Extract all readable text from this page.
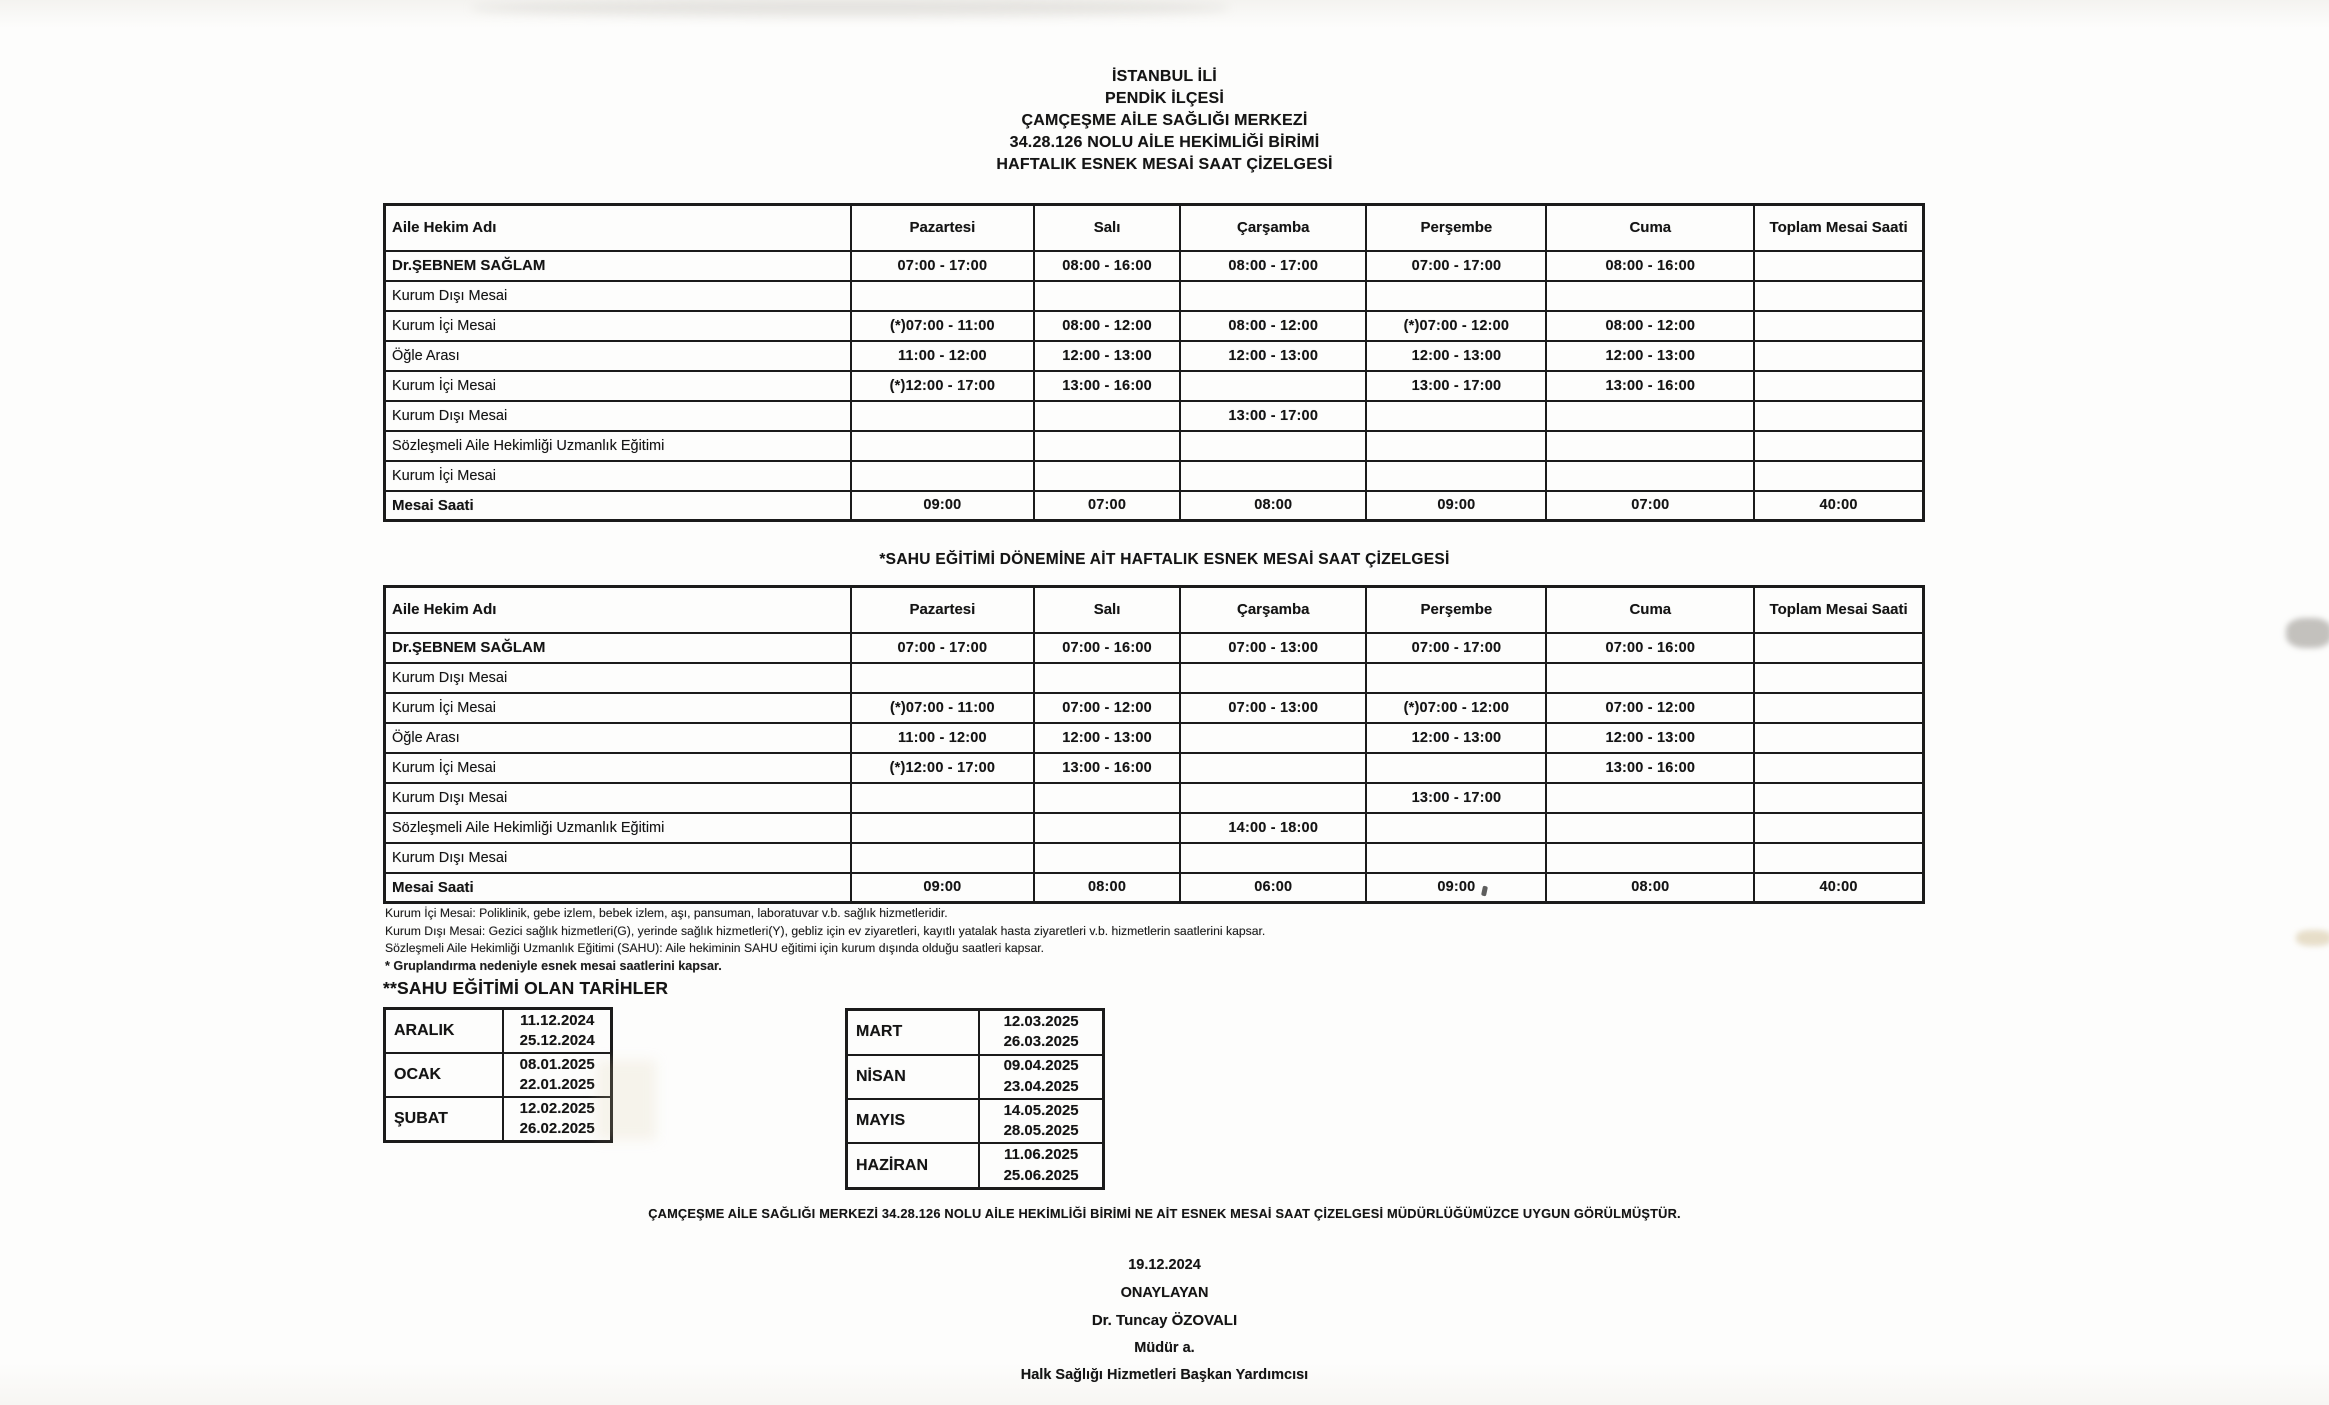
İSTANBUL İLİ
PENDİK İLÇESİ
ÇAMÇEŞME AİLE SAĞLIĞI MERKEZİ
34.28.126 NOLU AİLE HEKİMLİĞİ BİRİMİ
HAFTALIK ESNEK MESAİ SAAT ÇİZELGESİ
Aile Hekim Adı	Pazartesi	Salı	Çarşamba	Perşembe	Cuma	Toplam Mesai Saati
Dr.ŞEBNEM SAĞLAM	07:00 - 17:00	08:00 - 16:00	08:00 - 17:00	07:00 - 17:00	08:00 - 16:00	
Kurum Dışı Mesai						
Kurum İçi Mesai	(*)07:00 - 11:00	08:00 - 12:00	08:00 - 12:00	(*)07:00 - 12:00	08:00 - 12:00	
Öğle Arası	11:00 - 12:00	12:00 - 13:00	12:00 - 13:00	12:00 - 13:00	12:00 - 13:00	
Kurum İçi Mesai	(*)12:00 - 17:00	13:00 - 16:00		13:00 - 17:00	13:00 - 16:00	
Kurum Dışı Mesai			13:00 - 17:00			
Sözleşmeli Aile Hekimliği Uzmanlık Eğitimi						
Kurum İçi Mesai						
Mesai Saati	09:00	07:00	08:00	09:00	07:00	40:00
*SAHU EĞİTİMİ DÖNEMİNE AİT HAFTALIK ESNEK MESAİ SAAT ÇİZELGESİ
Aile Hekim Adı	Pazartesi	Salı	Çarşamba	Perşembe	Cuma	Toplam Mesai Saati
Dr.ŞEBNEM SAĞLAM	07:00 - 17:00	07:00 - 16:00	07:00 - 13:00	07:00 - 17:00	07:00 - 16:00	
Kurum Dışı Mesai						
Kurum İçi Mesai	(*)07:00 - 11:00	07:00 - 12:00	07:00 - 13:00	(*)07:00 - 12:00	07:00 - 12:00	
Öğle Arası	11:00 - 12:00	12:00 - 13:00		12:00 - 13:00	12:00 - 13:00	
Kurum İçi Mesai	(*)12:00 - 17:00	13:00 - 16:00			13:00 - 16:00	
Kurum Dışı Mesai				13:00 - 17:00		
Sözleşmeli Aile Hekimliği Uzmanlık Eğitimi			14:00 - 18:00			
Kurum Dışı Mesai						
Mesai Saati	09:00	08:00	06:00	09:00	08:00	40:00
Kurum İçi Mesai: Poliklinik, gebe izlem, bebek izlem, aşı, pansuman, laboratuvar v.b. sağlık hizmetleridir.
Kurum Dışı Mesai: Gezici sağlık hizmetleri(G), yerinde sağlık hizmetleri(Y), gebliz için ev ziyaretleri, kayıtlı yatalak hasta ziyaretleri v.b. hizmetlerin saatlerini kapsar.
Sözleşmeli Aile Hekimliği Uzmanlık Eğitimi (SAHU): Aile hekiminin SAHU eğitimi için kurum dışında olduğu saatleri kapsar.
* Gruplandırma nedeniyle esnek mesai saatlerini kapsar.
**SAHU EĞİTİMİ OLAN TARİHLER
ARALIK	11.12.2024
25.12.2024
OCAK	08.01.2025
22.01.2025
ŞUBAT	12.02.2025
26.02.2025
MART	12.03.2025
26.03.2025
NİSAN	09.04.2025
23.04.2025
MAYIS	14.05.2025
28.05.2025
HAZİRAN	11.06.2025
25.06.2025
ÇAMÇEŞME AİLE SAĞLIĞI MERKEZİ 34.28.126 NOLU AİLE HEKİMLİĞİ BİRİMİ NE AİT ESNEK MESAİ SAAT ÇİZELGESİ MÜDÜRLÜĞÜMÜZCE UYGUN GÖRÜLMÜŞTÜR.
19.12.2024
ONAYLAYAN
Dr. Tuncay ÖZOVALI
Müdür a.
Halk Sağlığı Hizmetleri Başkan Yardımcısı
